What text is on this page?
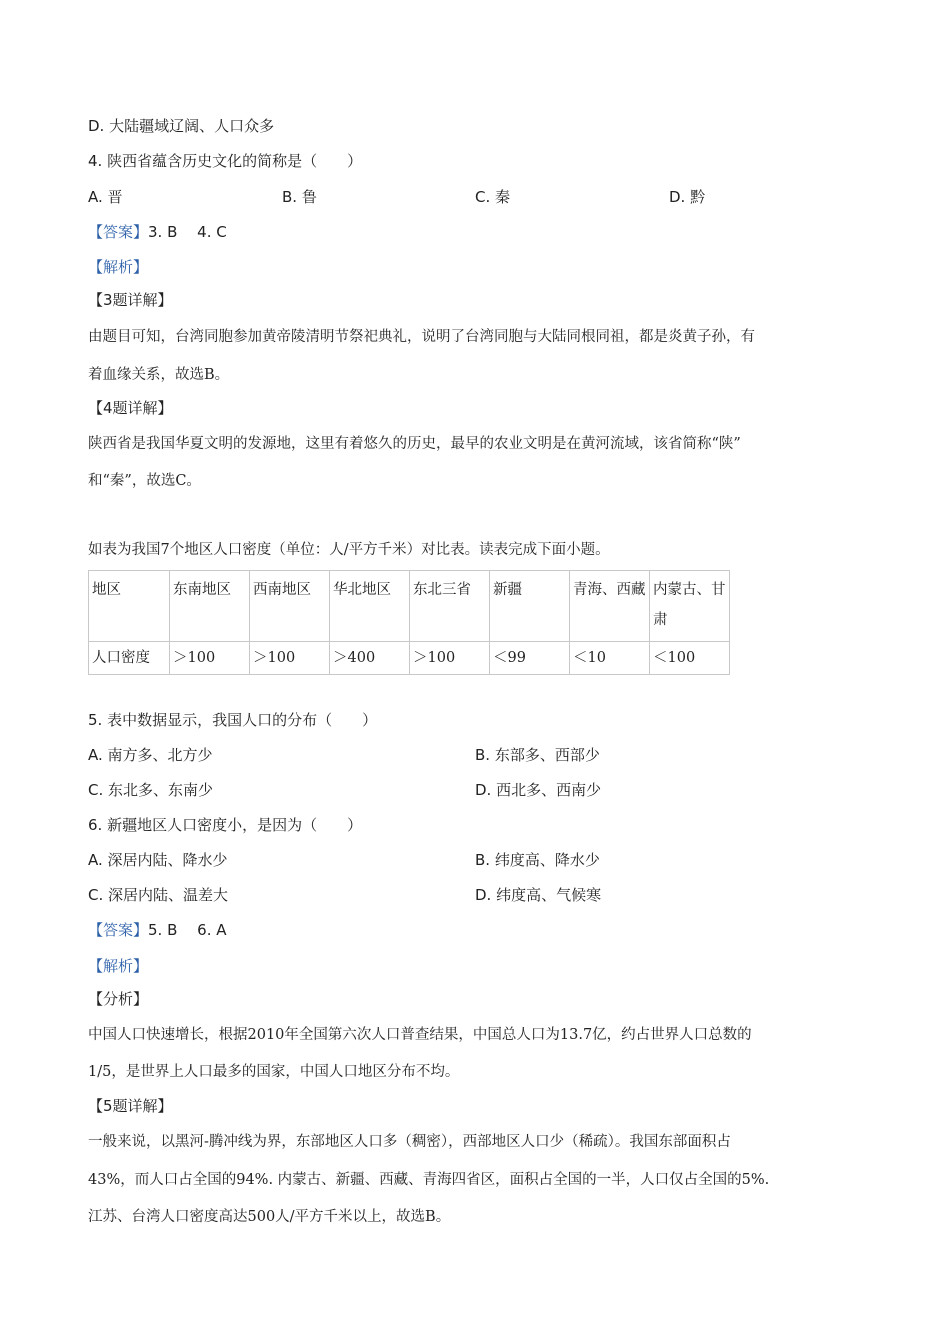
D. 大陆疆域辽阔、人口众多
4. 陕西省蕴含历史文化的简称是（　　）
A. 晋	B. 鲁	C. 秦	D. 黔
【答案】3. B　 4. C
【解析】
【3题详解】
由题目可知，台湾同胞参加黄帝陵清明节祭祀典礼，说明了台湾同胞与大陆同根同祖，都是炎黄子孙，有
着血缘关系，故选B。
【4题详解】
陕西省是我国华夏文明的发源地，这里有着悠久的历史，最早的农业文明是在黄河流域，该省简称“陕”
和“秦”，故选C。
如表为我国7个地区人口密度（单位：人/平方千米）对比表。读表完成下面小题。
地区	东南地区	西南地区	华北地区	东北三省	新疆	青海、西藏	内蒙古、甘肃
人口密度	＞100	＞100	＞400	＞100	＜99	＜10	＜100
5. 表中数据显示，我国人口的分布（　　）
A. 南方多、北方少	B. 东部多、西部少
C. 东北多、东南少	D. 西北多、西南少
6. 新疆地区人口密度小，是因为（　　）
A. 深居内陆、降水少	B. 纬度高、降水少
C. 深居内陆、温差大	D. 纬度高、气候寒
【答案】5. B　 6. A
【解析】
【分析】
中国人口快速增长，根据2010年全国第六次人口普查结果，中国总人口为13.7亿，约占世界人口总数的
1/5，是世界上人口最多的国家，中国人口地区分布不均。
【5题详解】
一般来说，以黑河-腾冲线为界，东部地区人口多（稠密），西部地区人口少（稀疏）。我国东部面积占
43%，而人口占全国的94%. 内蒙古、新疆、西藏、青海四省区，面积占全国的一半，人口仅占全国的5%.
江苏、台湾人口密度高达500人/平方千米以上，故选B。
